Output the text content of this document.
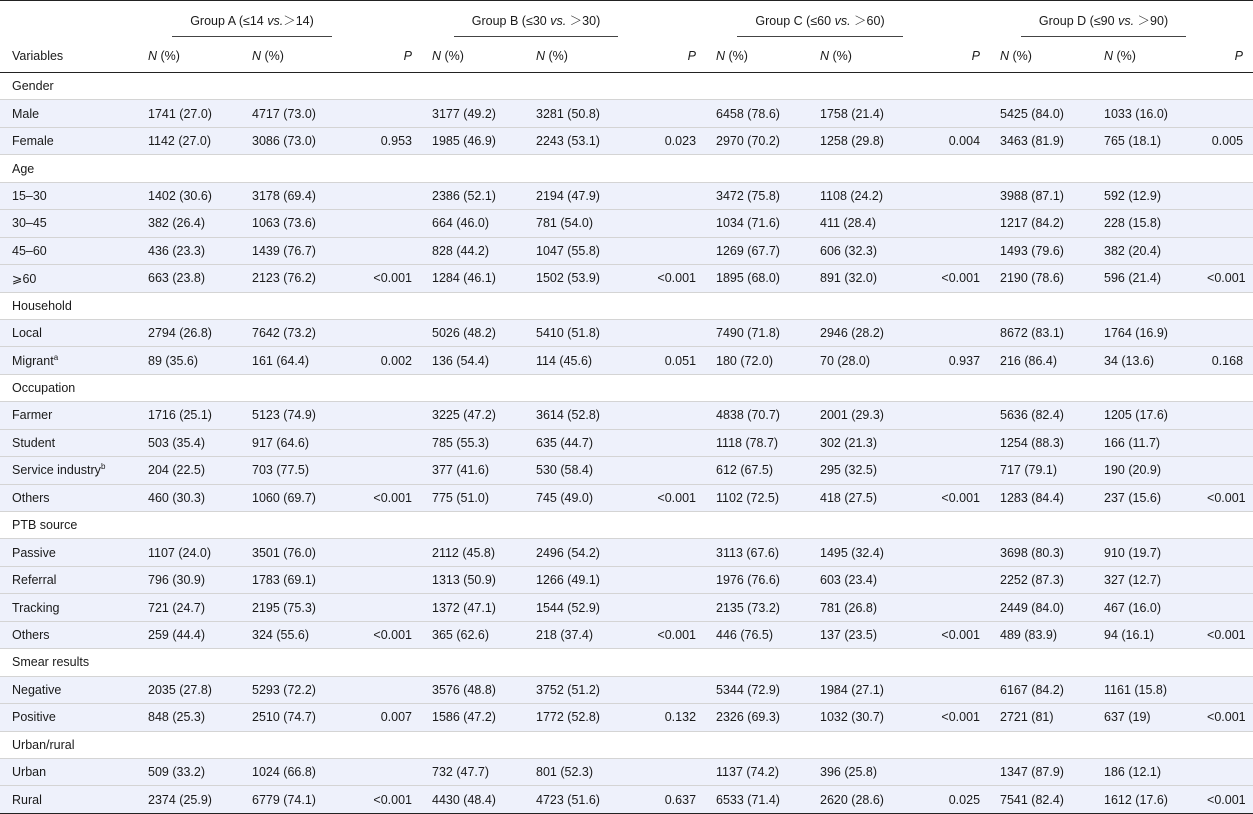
	Group A (≤14 vs.＞14)			Group B (≤30 vs. ＞30)			Group C (≤60 vs. ＞60)			Group D (≤90 vs. ＞90)		
Variables	N (%)	N (%)	P	N (%)	N (%)	P	N (%)	N (%)	P	N (%)	N (%)	P
Gender												
Male	1741 (27.0)	4717 (73.0)		3177 (49.2)	3281 (50.8)		6458 (78.6)	1758 (21.4)		5425 (84.0)	1033 (16.0)	
Female	1142 (27.0)	3086 (73.0)	0.953	1985 (46.9)	2243 (53.1)	0.023	2970 (70.2)	1258 (29.8)	0.004	3463 (81.9)	765 (18.1)	0.005
Age												
15–30	1402 (30.6)	3178 (69.4)		2386 (52.1)	2194 (47.9)		3472 (75.8)	1108 (24.2)		3988 (87.1)	592 (12.9)	
30–45	382 (26.4)	1063 (73.6)		664 (46.0)	781 (54.0)		1034 (71.6)	411 (28.4)		1217 (84.2)	228 (15.8)	
45–60	436 (23.3)	1439 (76.7)		828 (44.2)	1047 (55.8)		1269 (67.7)	606 (32.3)		1493 (79.6)	382 (20.4)	
⩾60	663 (23.8)	2123 (76.2)	<0.001	1284 (46.1)	1502 (53.9)	<0.001	1895 (68.0)	891 (32.0)	<0.001	2190 (78.6)	596 (21.4)	<0.001
Household												
Local	2794 (26.8)	7642 (73.2)		5026 (48.2)	5410 (51.8)		7490 (71.8)	2946 (28.2)		8672 (83.1)	1764 (16.9)	
Migrant$^a$	89 (35.6)	161 (64.4)	0.002	136 (54.4)	114 (45.6)	0.051	180 (72.0)	70 (28.0)	0.937	216 (86.4)	34 (13.6)	0.168
Occupation												
Farmer	1716 (25.1)	5123 (74.9)		3225 (47.2)	3614 (52.8)		4838 (70.7)	2001 (29.3)		5636 (82.4)	1205 (17.6)	
Student	503 (35.4)	917 (64.6)		785 (55.3)	635 (44.7)		1118 (78.7)	302 (21.3)		1254 (88.3)	166 (11.7)	
Service industry$^b$	204 (22.5)	703 (77.5)		377 (41.6)	530 (58.4)		612 (67.5)	295 (32.5)		717 (79.1)	190 (20.9)	
Others	460 (30.3)	1060 (69.7)	<0.001	775 (51.0)	745 (49.0)	<0.001	1102 (72.5)	418 (27.5)	<0.001	1283 (84.4)	237 (15.6)	<0.001
PTB source												
Passive	1107 (24.0)	3501 (76.0)		2112 (45.8)	2496 (54.2)		3113 (67.6)	1495 (32.4)		3698 (80.3)	910 (19.7)	
Referral	796 (30.9)	1783 (69.1)		1313 (50.9)	1266 (49.1)		1976 (76.6)	603 (23.4)		2252 (87.3)	327 (12.7)	
Tracking	721 (24.7)	2195 (75.3)		1372 (47.1)	1544 (52.9)		2135 (73.2)	781 (26.8)		2449 (84.0)	467 (16.0)	
Others	259 (44.4)	324 (55.6)	<0.001	365 (62.6)	218 (37.4)	<0.001	446 (76.5)	137 (23.5)	<0.001	489 (83.9)	94 (16.1)	<0.001
Smear results												
Negative	2035 (27.8)	5293 (72.2)		3576 (48.8)	3752 (51.2)		5344 (72.9)	1984 (27.1)		6167 (84.2)	1161 (15.8)	
Positive	848 (25.3)	2510 (74.7)	0.007	1586 (47.2)	1772 (52.8)	0.132	2326 (69.3)	1032 (30.7)	<0.001	2721 (81)	637 (19)	<0.001
Urban/rural												
Urban	509 (33.2)	1024 (66.8)		732 (47.7)	801 (52.3)		1137 (74.2)	396 (25.8)		1347 (87.9)	186 (12.1)	
Rural	2374 (25.9)	6779 (74.1)	<0.001	4430 (48.4)	4723 (51.6)	0.637	6533 (71.4)	2620 (28.6)	0.025	7541 (82.4)	1612 (17.6)	<0.001
